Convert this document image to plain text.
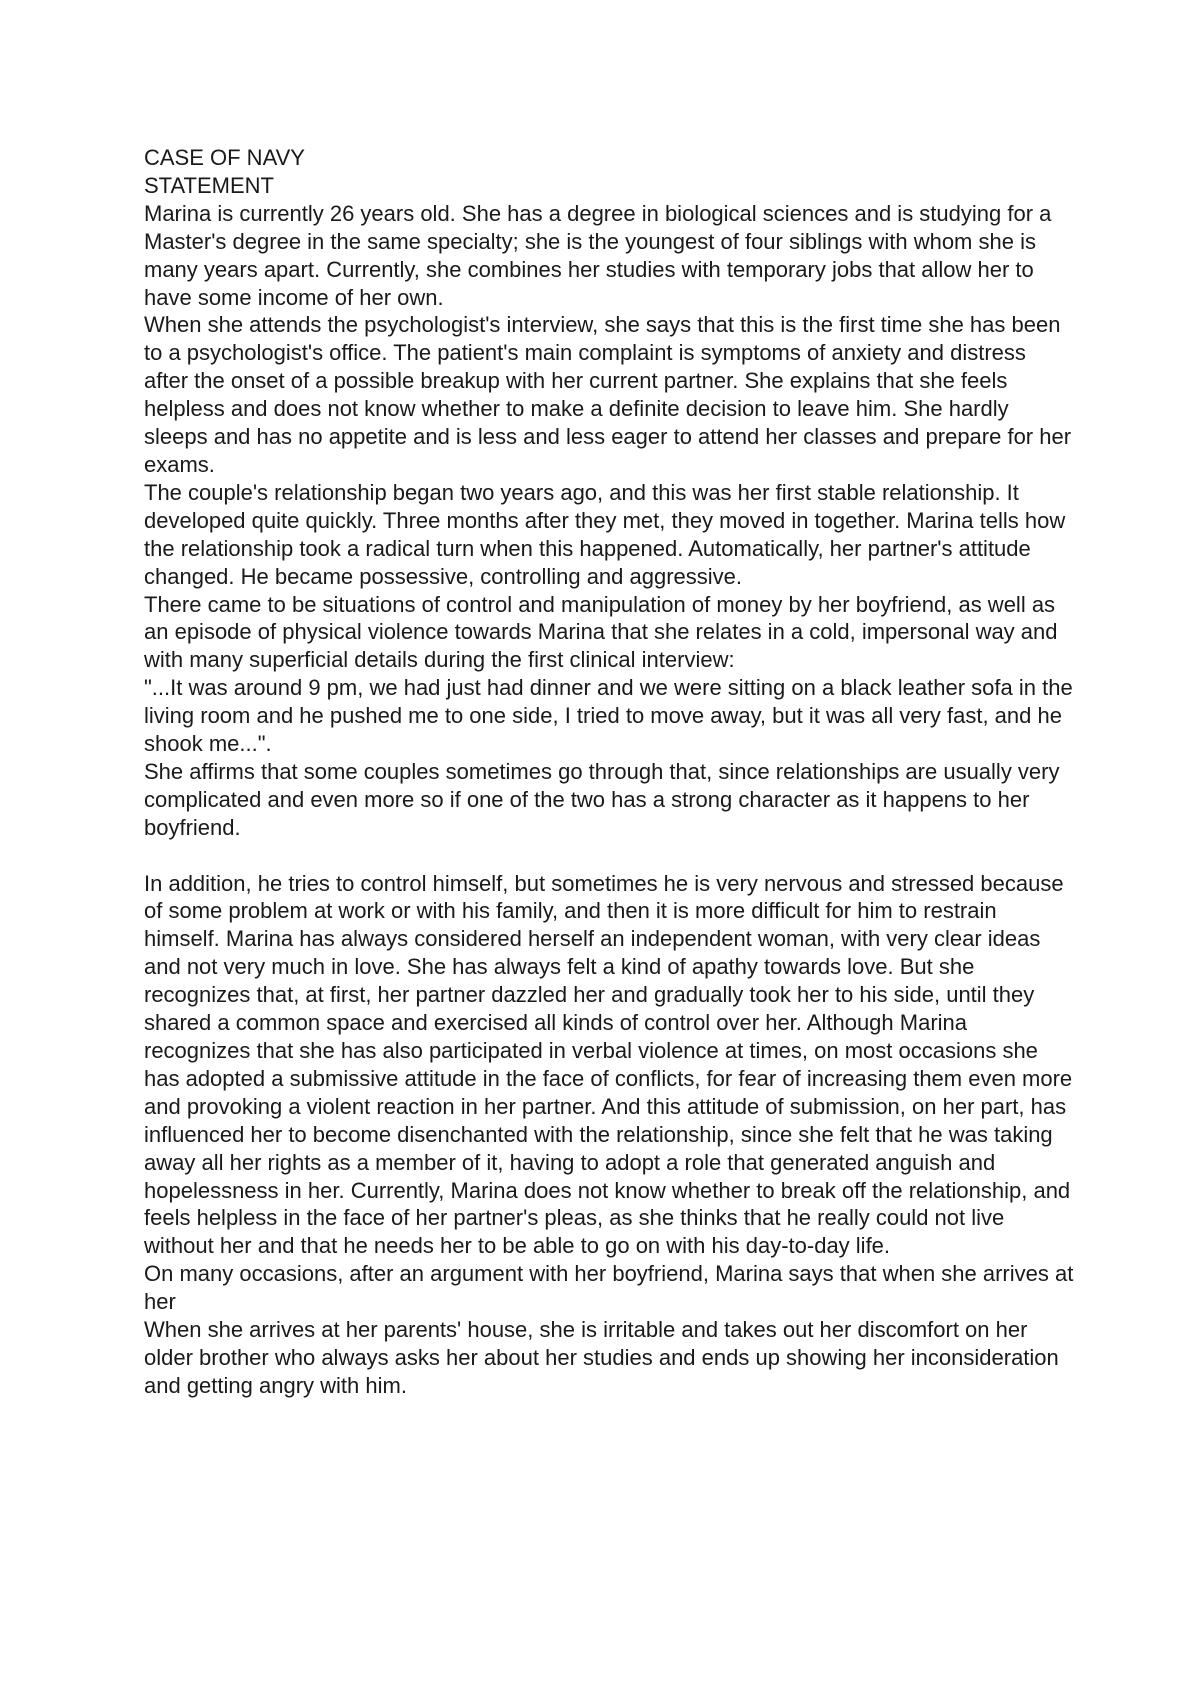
CASE OF NAVY

STATEMENT

Marina is currently 26 years old. She has a degree in biological sciences and is studying for a Master's degree in the same specialty; she is the youngest of four siblings with whom she is many years apart. Currently, she combines her studies with temporary jobs that allow her to have some income of her own.

When she attends the psychologist's interview, she says that this is the first time she has been to a psychologist's office. The patient's main complaint is symptoms of anxiety and distress after the onset of a possible breakup with her current partner. She explains that she feels helpless and does not know whether to make a definite decision to leave him. She hardly sleeps and has no appetite and is less and less eager to attend her classes and prepare for her exams.

The couple's relationship began two years ago, and this was her first stable relationship. It developed quite quickly. Three months after they met, they moved in together. Marina tells how the relationship took a radical turn when this happened. Automatically, her partner's attitude changed. He became possessive, controlling and aggressive.

There came to be situations of control and manipulation of money by her boyfriend, as well as an episode of physical violence towards Marina that she relates in a cold, impersonal way and with many superficial details during the first clinical interview:

"...It was around 9 pm, we had just had dinner and we were sitting on a black leather sofa in the living room and he pushed me to one side, I tried to move away, but it was all very fast, and he shook me...".

She affirms that some couples sometimes go through that, since relationships are usually very complicated and even more so if one of the two has a strong character as it happens to her boyfriend.

In addition, he tries to control himself, but sometimes he is very nervous and stressed because of some problem at work or with his family, and then it is more difficult for him to restrain himself. Marina has always considered herself an independent woman, with very clear ideas and not very much in love. She has always felt a kind of apathy towards love. But she recognizes that, at first, her partner dazzled her and gradually took her to his side, until they shared a common space and exercised all kinds of control over her. Although Marina recognizes that she has also participated in verbal violence at times, on most occasions she has adopted a submissive attitude in the face of conflicts, for fear of increasing them even more and provoking a violent reaction in her partner. And this attitude of submission, on her part, has influenced her to become disenchanted with the relationship, since she felt that he was taking away all her rights as a member of it, having to adopt a role that generated anguish and hopelessness in her. Currently, Marina does not know whether to break off the relationship, and feels helpless in the face of her partner's pleas, as she thinks that he really could not live without her and that he needs her to be able to go on with his day-to-day life.

On many occasions, after an argument with her boyfriend, Marina says that when she arrives at her

When she arrives at her parents' house, she is irritable and takes out her discomfort on her older brother who always asks her about her studies and ends up showing her inconsideration and getting angry with him.
